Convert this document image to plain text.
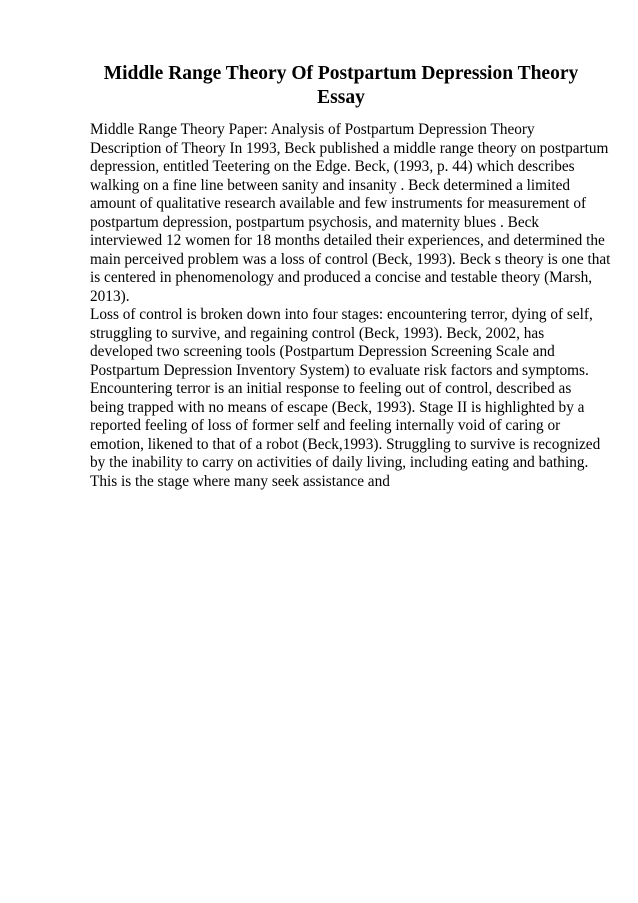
Middle Range Theory Of Postpartum Depression Theory
Essay
Middle Range Theory Paper: Analysis of Postpartum Depression Theory
Description of Theory In 1993, Beck published a middle range theory on postpartum
depression, entitled Teetering on the Edge. Beck, (1993, p. 44) which describes
walking on a fine line between sanity and insanity . Beck determined a limited
amount of qualitative research available and few instruments for measurement of
postpartum depression, postpartum psychosis, and maternity blues . Beck
interviewed 12 women for 18 months detailed their experiences, and determined the
main perceived problem was a loss of control (Beck, 1993). Beck s theory is one that
is centered in phenomenology and produced a concise and testable theory (Marsh,
2013).
Loss of control is broken down into four stages: encountering terror, dying of self,
struggling to survive, and regaining control (Beck, 1993). Beck, 2002, has
developed two screening tools (Postpartum Depression Screening Scale and
Postpartum Depression Inventory System) to evaluate risk factors and symptoms.
Encountering terror is an initial response to feeling out of control, described as
being trapped with no means of escape (Beck, 1993). Stage II is highlighted by a
reported feeling of loss of former self and feeling internally void of caring or
emotion, likened to that of a robot (Beck,1993). Struggling to survive is recognized
by the inability to carry on activities of daily living, including eating and bathing.
This is the stage where many seek assistance and
